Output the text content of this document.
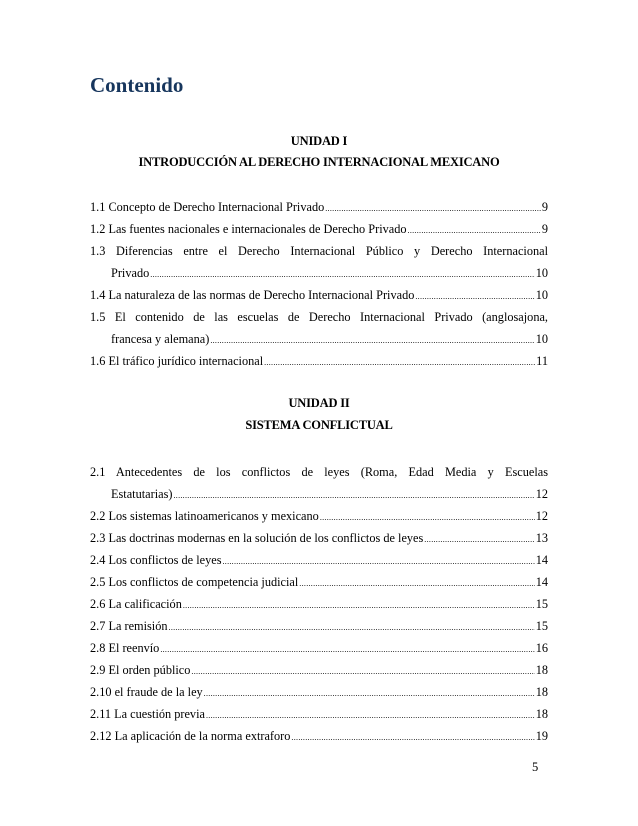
Contenido
UNIDAD I
INTRODUCCIÓN AL DERECHO INTERNACIONAL MEXICANO
1.1 Concepto de Derecho Internacional Privado .....	9
1.2 Las fuentes nacionales e internacionales de Derecho Privado .....	9
1.3 Diferencias entre el Derecho Internacional Público y Derecho Internacional
Privado .....	10
1.4 La naturaleza de las normas de Derecho Internacional Privado .....	10
1.5 El contenido de las escuelas de Derecho Internacional Privado (anglosajona,
francesa y alemana) .....	10
1.6 El tráfico jurídico internacional .....	11
UNIDAD II
SISTEMA CONFLICTUAL
2.1 Antecedentes de los conflictos de leyes (Roma, Edad Media y Escuelas
Estatutarias) .....	12
2.2 Los sistemas latinoamericanos y mexicano .....	12
2.3 Las doctrinas modernas en la solución de los conflictos de leyes .....	13
2.4 Los conflictos de leyes .....	14
2.5 Los conflictos de competencia judicial .....	14
2.6 La calificación .....	15
2.7 La remisión .....	15
2.8 El reenvío .....	16
2.9 El orden público .....	18
2.10 el fraude de la ley .....	18
2.11 La cuestión previa .....	18
2.12 La aplicación de la norma extraforo .....	19
5
